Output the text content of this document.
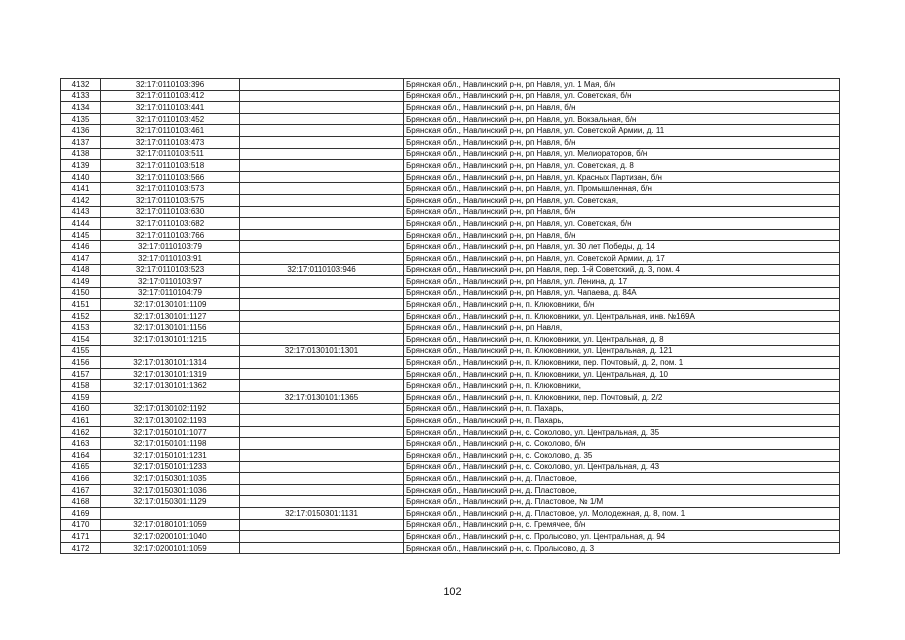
4132	32:17:0110103:396		Брянская обл., Навлинский р-н, рп Навля, ул. 1 Мая, б/н
4133	32:17:0110103:412		Брянская обл., Навлинский р-н, рп Навля, ул. Советская, б/н
4134	32:17:0110103:441		Брянская обл., Навлинский р-н, рп Навля, б/н
4135	32:17:0110103:452		Брянская обл., Навлинский р-н, рп Навля, ул. Вокзальная, б/н
4136	32:17:0110103:461		Брянская обл., Навлинский р-н, рп Навля, ул. Советской Армии, д. 11
4137	32:17:0110103:473		Брянская обл., Навлинский р-н, рп Навля, б/н
4138	32:17:0110103:511		Брянская обл., Навлинский р-н, рп Навля, ул. Мелиораторов, б/н
4139	32:17:0110103:518		Брянская обл., Навлинский р-н, рп Навля, ул. Советская, д. 8
4140	32:17:0110103:566		Брянская обл., Навлинский р-н, рп Навля, ул. Красных Партизан, б/н
4141	32:17:0110103:573		Брянская обл., Навлинский р-н, рп Навля, ул. Промышленная, б/н
4142	32:17:0110103:575		Брянская обл., Навлинский р-н, рп Навля, ул. Советская,
4143	32:17:0110103:630		Брянская обл., Навлинский р-н, рп Навля, б/н
4144	32:17:0110103:682		Брянская обл., Навлинский р-н, рп Навля, ул. Советская, б/н
4145	32:17:0110103:766		Брянская обл., Навлинский р-н, рп Навля, б/н
4146	32:17:0110103:79		Брянская обл., Навлинский р-н, рп Навля, ул. 30 лет Победы, д. 14
4147	32:17:0110103:91		Брянская обл., Навлинский р-н, рп Навля, ул. Советской Армии, д. 17
4148	32:17:0110103:523	32:17:0110103:946	Брянская обл., Навлинский р-н, рп Навля, пер. 1-й Советский, д. 3, пом. 4
4149	32:17:0110103:97		Брянская обл., Навлинский р-н, рп Навля, ул. Ленина, д. 17
4150	32:17:0110104:79		Брянская обл., Навлинский р-н, рп Навля, ул. Чапаева, д. 84А
4151	32:17:0130101:1109		Брянская обл., Навлинский р-н, п. Клюковники, б/н
4152	32:17:0130101:1127		Брянская обл., Навлинский р-н, п. Клюковники, ул. Центральная, инв. №169А
4153	32:17:0130101:1156		Брянская обл., Навлинский р-н, рп Навля,
4154	32:17:0130101:1215		Брянская обл., Навлинский р-н, п. Клюковники, ул. Центральная, д. 8
4155		32:17:0130101:1301	Брянская обл., Навлинский р-н, п. Клюковники, ул. Центральная, д. 121
4156	32:17:0130101:1314		Брянская обл., Навлинский р-н, п. Клюковники, пер. Почтовый, д. 2, пом. 1
4157	32:17:0130101:1319		Брянская обл., Навлинский р-н, п. Клюковники, ул. Центральная, д. 10
4158	32:17:0130101:1362		Брянская обл., Навлинский р-н, п. Клюковники,
4159		32:17:0130101:1365	Брянская обл., Навлинский р-н, п. Клюковники, пер. Почтовый, д. 2/2
4160	32:17:0130102:1192		Брянская обл., Навлинский р-н, п. Пахарь,
4161	32:17:0130102:1193		Брянская обл., Навлинский р-н, п. Пахарь,
4162	32:17:0150101:1077		Брянская обл., Навлинский р-н, с. Соколово, ул. Центральная, д. 35
4163	32:17:0150101:1198		Брянская обл., Навлинский р-н, с. Соколово, б/н
4164	32:17:0150101:1231		Брянская обл., Навлинский р-н, с. Соколово, д. 35
4165	32:17:0150101:1233		Брянская обл., Навлинский р-н, с. Соколово, ул. Центральная, д. 43
4166	32:17:0150301:1035		Брянская обл., Навлинский р-н, д. Пластовое,
4167	32:17:0150301:1036		Брянская обл., Навлинский р-н, д. Пластовое,
4168	32:17:0150301:1129		Брянская обл., Навлинский р-н, д. Пластовое, № 1/М
4169		32:17:0150301:1131	Брянская обл., Навлинский р-н, д. Пластовое, ул. Молодежная, д. 8, пом. 1
4170	32:17:0180101:1059		Брянская обл., Навлинский р-н, с. Гремячее, б/н
4171	32:17:0200101:1040		Брянская обл., Навлинский р-н, с. Пролысово, ул. Центральная, д. 94
4172	32:17:0200101:1059		Брянская обл., Навлинский р-н, с. Пролысово, д. 3
102
